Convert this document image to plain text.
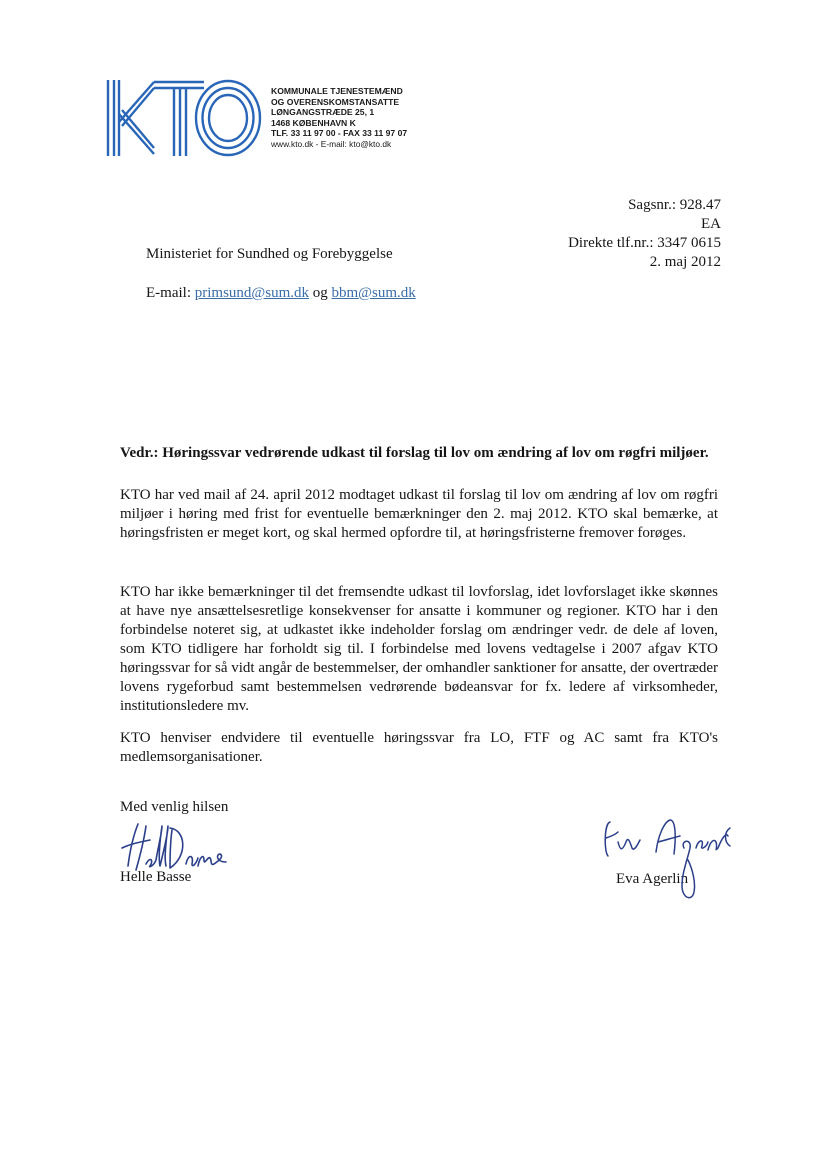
KOMMUNALE TJENESTEMÆND
OG OVERENSKOMSTANSATTE
LØNGANGSTRÆDE 25, 1
1468 KØBENHAVN K
TLF. 33 11 97 00 - FAX 33 11 97 07
www.kto.dk - E-mail: kto@kto.dk
Sagsnr.: 928.47
EA
Direkte tlf.nr.: 3347 0615
2. maj 2012
Ministeriet for Sundhed og Forebyggelse
E-mail: primsund@sum.dk og bbm@sum.dk
Vedr.: Høringssvar vedrørende udkast til forslag til lov om ændring af lov om røgfri miljøer.
KTO har ved mail af 24. april 2012 modtaget udkast til forslag til lov om ændring af lov om røgfri miljøer i høring med frist for eventuelle bemærkninger den 2. maj 2012. KTO skal bemærke, at høringsfristen er meget kort, og skal hermed opfordre til, at høringsfristerne fremover forøges.
KTO har ikke bemærkninger til det fremsendte udkast til lovforslag, idet lovforslaget ikke skønnes at have nye ansættelsesretlige konsekvenser for ansatte i kommuner og regioner. KTO har i den forbindelse noteret sig, at udkastet ikke indeholder forslag om ændringer vedr. de dele af loven, som KTO tidligere har forholdt sig til. I forbindelse med lovens vedtagelse i 2007 afgav KTO høringssvar for så vidt angår de bestemmelser, der omhandler sanktioner for ansatte, der overtræder lovens rygeforbud samt bestemmelsen vedrørende bødeansvar for fx. ledere af virksomheder, institutionsledere mv.
KTO henviser endvidere til eventuelle høringssvar fra LO, FTF og AC samt fra KTO's medlemsorganisationer.
Med venlig hilsen
Helle Basse	Eva Agerlin
